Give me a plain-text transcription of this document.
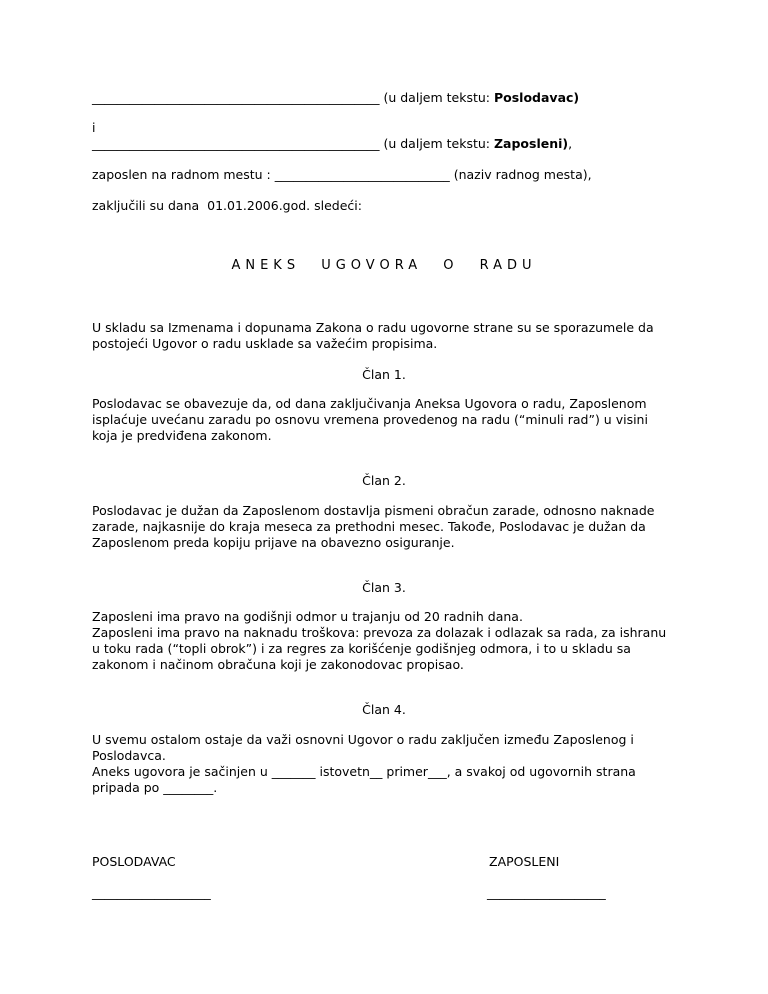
______________________________________________ (u daljem tekstu: Poslodavac)
i
______________________________________________ (u daljem tekstu: Zaposleni),
zaposlen na radnom mestu : ____________________________ (naziv radnog mesta),
zaključili su dana  01.01.2006.god. sledeći:
ANEKS UGOVORA O RADU
U skladu sa Izmenama i dopunama Zakona o radu ugovorne strane su se sporazumele da
postojeći Ugovor o radu usklade sa važećim propisima.
Član 1.
Poslodavac se obavezuje da, od dana zaključivanja Aneksa Ugovora o radu, Zaposlenom
isplaćuje uvećanu zaradu po osnovu vremena provedenog na radu (“minuli rad”) u visini
koja je predviđena zakonom.
Član 2.
Poslodavac je dužan da Zaposlenom dostavlja pismeni obračun zarade, odnosno naknade
zarade, najkasnije do kraja meseca za prethodni mesec. Takođe, Poslodavac je dužan da
Zaposlenom preda kopiju prijave na obavezno osiguranje.
Član 3.
Zaposleni ima pravo na godišnji odmor u trajanju od 20 radnih dana.
Zaposleni ima pravo na naknadu troškova: prevoza za dolazak i odlazak sa rada, za ishranu
u toku rada (“topli obrok”) i za regres za korišćenje godišnjeg odmora, i to u skladu sa
zakonom i načinom obračuna koji je zakonodovac propisao.
Član 4.
U svemu ostalom ostaje da važi osnovni Ugovor o radu zaključen između Zaposlenog i
Poslodavca.
Aneks ugovora je sačinjen u _______ istovetn__ primer___, a svakoj od ugovornih strana
pripada po ________.
POSLODAVAC
___________________
ZAPOSLENI
___________________
